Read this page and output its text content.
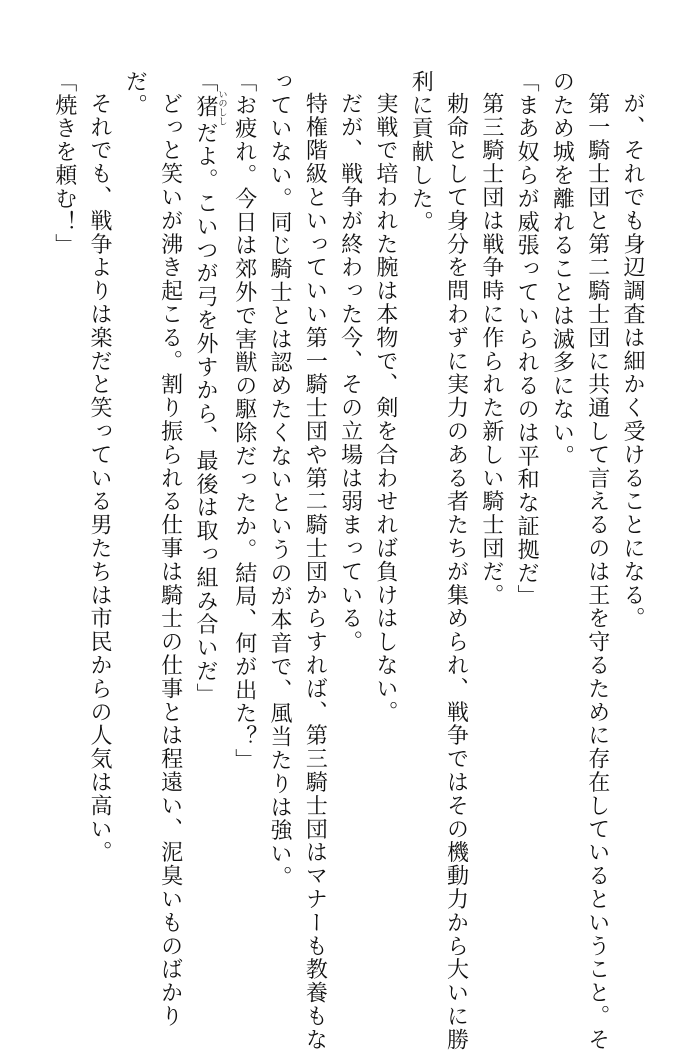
が、それでも身辺調査は細かく受けることになる。
第一騎士団と第二騎士団に共通して言えるのは王を守るために存在しているということ。そ
のため城を離れることは滅多にない。
「まあ奴らが威張っていられるのは平和な証拠だ」
第三騎士団は戦争時に作られた新しい騎士団だ。
勅命として身分を問わずに実力のある者たちが集められ、戦争ではその機動力から大いに勝
利に貢献した。
実戦で培われた腕は本物で、剣を合わせれば負けはしない。
だが、戦争が終わった今、その立場は弱まっている。
特権階級といっていい第一騎士団や第二騎士団からすれば、第三騎士団はマナーも教養もな
っていない。同じ騎士とは認めたくないというのが本音で、風当たりは強い。
「お疲れ。今日は郊外で害獣の駆除だったか。結局、何が出た？」
「猪いのししだよ。こいつが弓を外すから、最後は取っ組み合いだ」
どっと笑いが沸き起こる。割り振られる仕事は騎士の仕事とは程遠い、泥臭いものばかり
だ。
それでも、戦争よりは楽だと笑っている男たちは市民からの人気は高い。
「焼きを頼む！」
